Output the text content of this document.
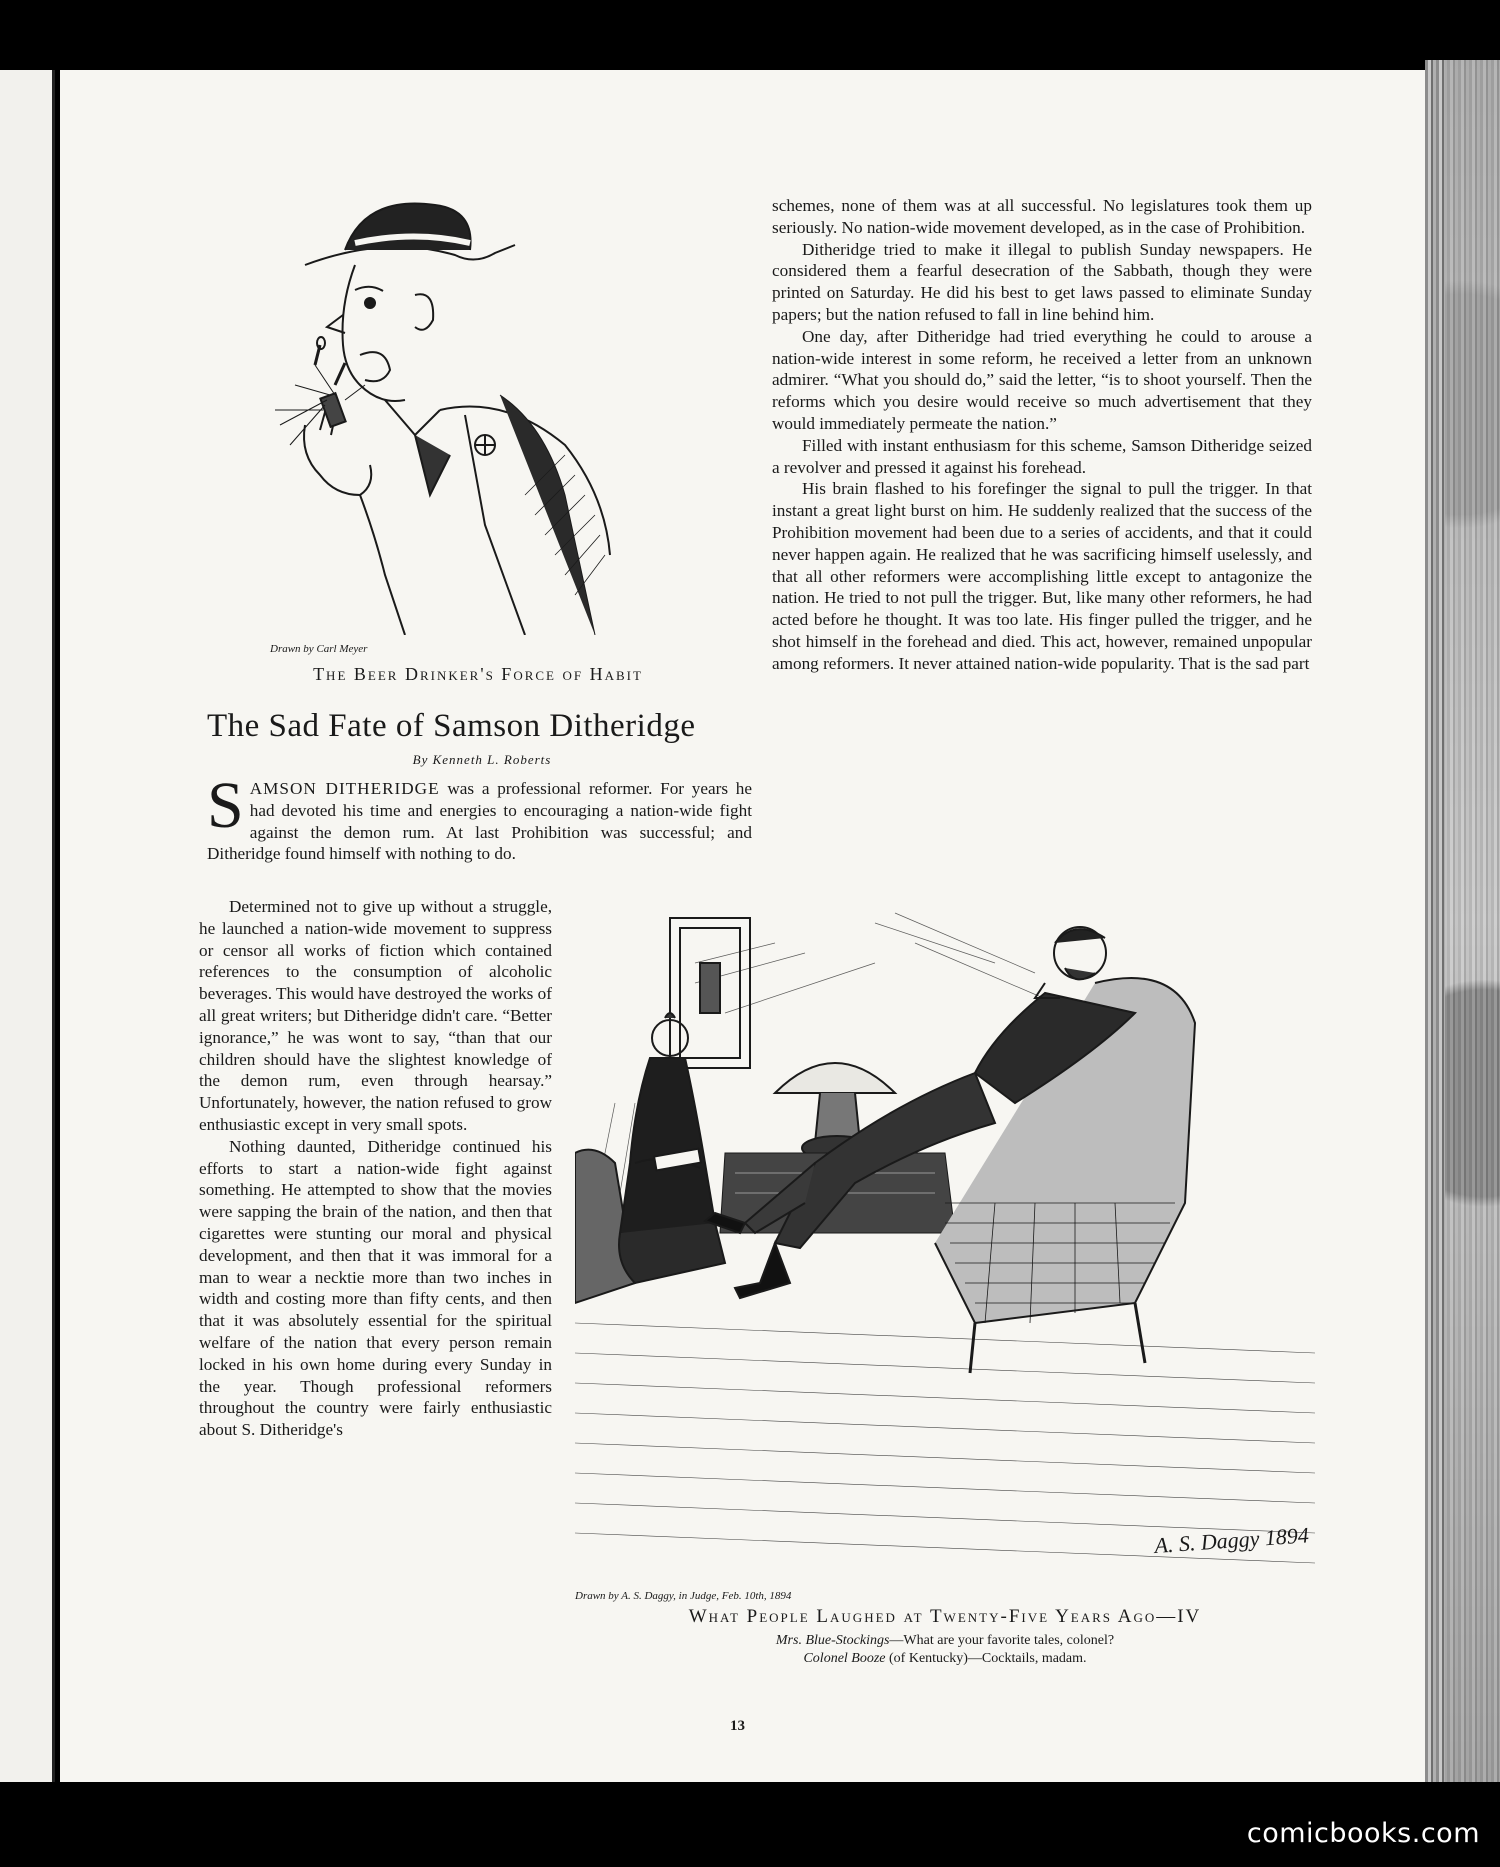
Drawn by Carl Meyer
The Beer Drinker's Force of Habit
The Sad Fate of Samson Ditheridge
By Kenneth L. Roberts

SAMSON DITHERIDGE was a professional reformer. For years he had devoted his time and energies to encouraging a nation-wide fight against the demon rum. At last Prohibition was successful; and Ditheridge found himself with nothing to do.

Determined not to give up without a struggle, he launched a nation-wide movement to suppress or censor all works of fiction which contained references to the consumption of alcoholic beverages. This would have destroyed the works of all great writers; but Ditheridge didn't care. “Better ignorance,” he was wont to say, “than that our children should have the slightest knowledge of the demon rum, even through hearsay.” Unfortunately, however, the nation refused to grow enthusiastic except in very small spots.

Nothing daunted, Ditheridge continued his efforts to start a nation-wide fight against something. He attempted to show that the movies were sapping the brain of the nation, and then that cigarettes were stunting our moral and physical development, and then that it was immoral for a man to wear a necktie more than two inches in width and costing more than fifty cents, and then that it was absolutely essential for the spiritual welfare of the nation that every person remain locked in his own home during every Sunday in the year. Though professional reformers throughout the country were fairly enthusiastic about S. Ditheridge's

schemes, none of them was at all successful. No legislatures took them up seriously. No nation-wide movement developed, as in the case of Prohibition.

Ditheridge tried to make it illegal to publish Sunday newspapers. He considered them a fearful desecration of the Sabbath, though they were printed on Saturday. He did his best to get laws passed to eliminate Sunday papers; but the nation refused to fall in line behind him.

One day, after Ditheridge had tried everything he could to arouse a nation-wide interest in some reform, he received a letter from an unknown admirer. “What you should do,” said the letter, “is to shoot yourself. Then the reforms which you desire would receive so much advertisement that they would immediately permeate the nation.”

Filled with instant enthusiasm for this scheme, Samson Ditheridge seized a revolver and pressed it against his forehead.

His brain flashed to his forefinger the signal to pull the trigger. In that instant a great light burst on him. He suddenly realized that the success of the Prohibition movement had been due to a series of accidents, and that it could never happen again. He realized that he was sacrificing himself uselessly, and that all other reformers were accomplishing little except to antagonize the nation. He tried to not pull the trigger. But, like many other reformers, he had acted before he thought. It was too late. His finger pulled the trigger, and he shot himself in the forehead and died. This act, however, remained unpopular among reformers. It never attained nation-wide popularity. That is the sad part

A. S. Daggy 1894
Drawn by A. S. Daggy, in Judge, Feb. 10th, 1894
What People Laughed at Twenty-Five Years Ago—IV
Mrs. Blue-Stockings—What are your favorite tales, colonel?
Colonel Booze (of Kentucky)—Cocktails, madam.
13
comicbooks.com
